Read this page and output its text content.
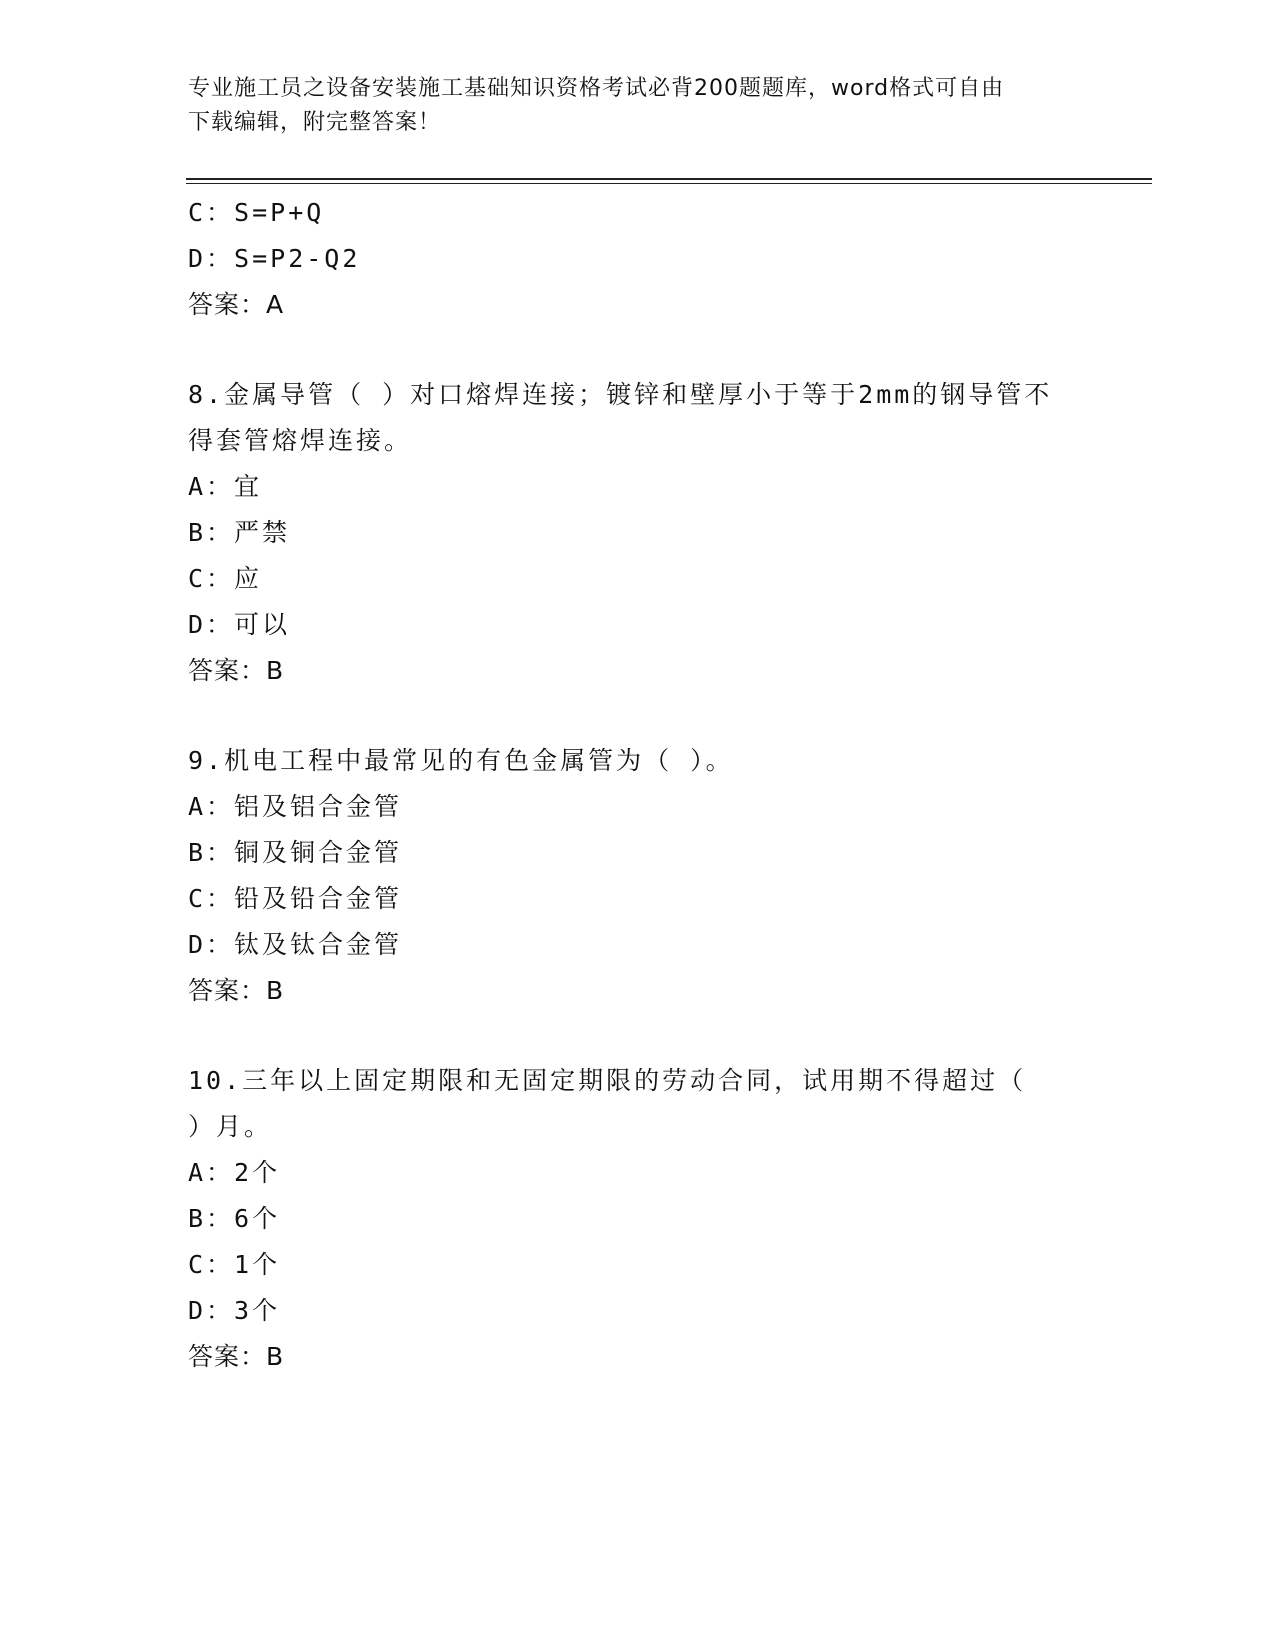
专业施工员之设备安装施工基础知识资格考试必背200题题库，word格式可自由
下载编辑，附完整答案！
C：S=P+Q
D：S=P2-Q2
答案：A
8.金属导管（ ）对口熔焊连接；镀锌和壁厚小于等于2mm的钢导管不
得套管熔焊连接。
A：宜
B：严禁
C：应
D：可以
答案：B
9.机电工程中最常见的有色金属管为（ ）。
A：铝及铝合金管
B：铜及铜合金管
C：铅及铅合金管
D：钛及钛合金管
答案：B
10.三年以上固定期限和无固定期限的劳动合同，试用期不得超过（
）月。
A：2个
B：6个
C：1个
D：3个
答案：B
